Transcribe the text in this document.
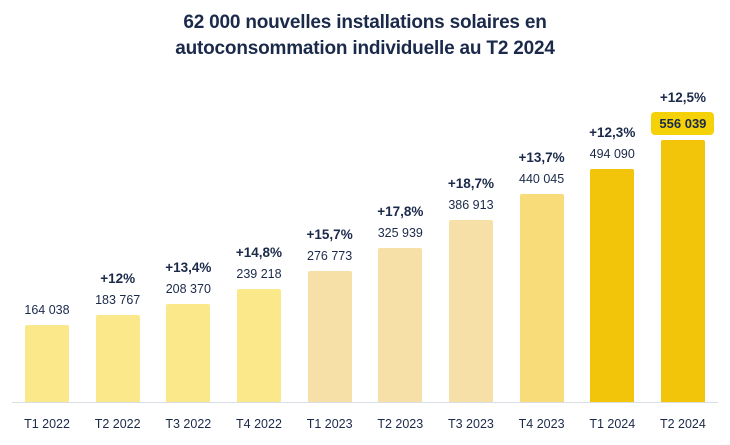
62 000 nouvelles installations solaires en
autoconsommation individuelle au T2 2024
164 038
+12%
183 767
+13,4%
208 370
+14,8%
239 218
+15,7%
276 773
+17,8%
325 939
+18,7%
386 913
+13,7%
440 045
+12,3%
494 090
+12,5%
556 039
T1 2022	T2 2022	T3 2022	T4 2022	T1 2023	T2 2023	T3 2023	T4 2023	T1 2024	T2 2024
